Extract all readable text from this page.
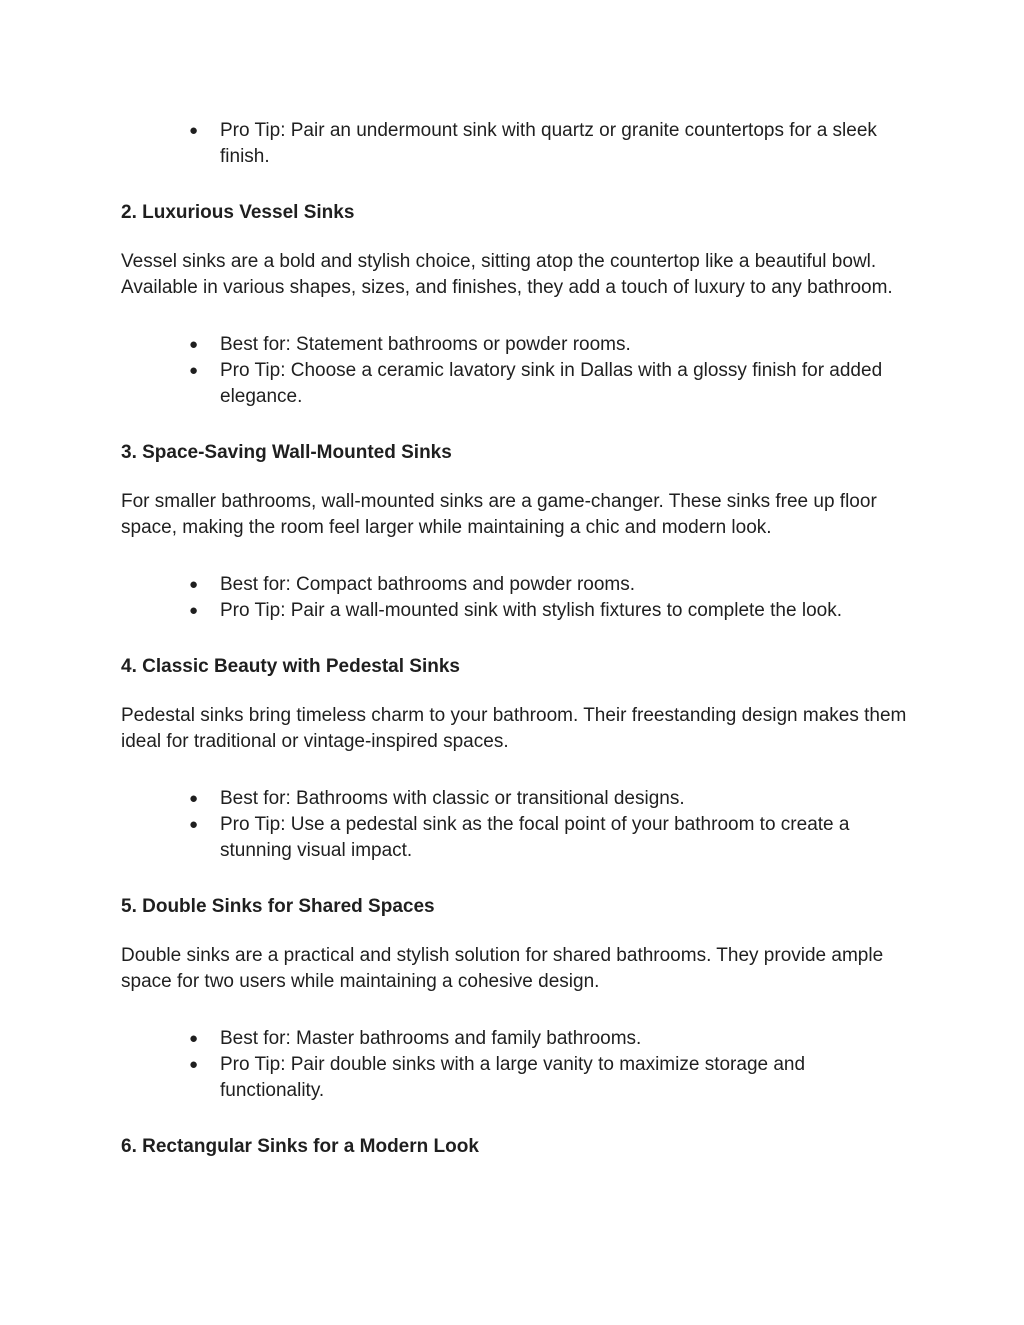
●	Pro Tip: Pair an undermount sink with quartz or granite countertops for a sleek finish.
2. Luxurious Vessel Sinks

Vessel sinks are a bold and stylish choice, sitting atop the countertop like a beautiful bowl. Available in various shapes, sizes, and finishes, they add a touch of luxury to any bathroom.

●	Best for: Statement bathrooms or powder rooms.
●	Pro Tip: Choose a ceramic lavatory sink in Dallas with a glossy finish for added elegance.
3. Space-Saving Wall-Mounted Sinks

For smaller bathrooms, wall-mounted sinks are a game-changer. These sinks free up floor space, making the room feel larger while maintaining a chic and modern look.

●	Best for: Compact bathrooms and powder rooms.
●	Pro Tip: Pair a wall-mounted sink with stylish fixtures to complete the look.
4. Classic Beauty with Pedestal Sinks

Pedestal sinks bring timeless charm to your bathroom. Their freestanding design makes them ideal for traditional or vintage-inspired spaces.

●	Best for: Bathrooms with classic or transitional designs.
●	Pro Tip: Use a pedestal sink as the focal point of your bathroom to create a stunning visual impact.
5. Double Sinks for Shared Spaces

Double sinks are a practical and stylish solution for shared bathrooms. They provide ample space for two users while maintaining a cohesive design.

●	Best for: Master bathrooms and family bathrooms.
●	Pro Tip: Pair double sinks with a large vanity to maximize storage and functionality.
6. Rectangular Sinks for a Modern Look
